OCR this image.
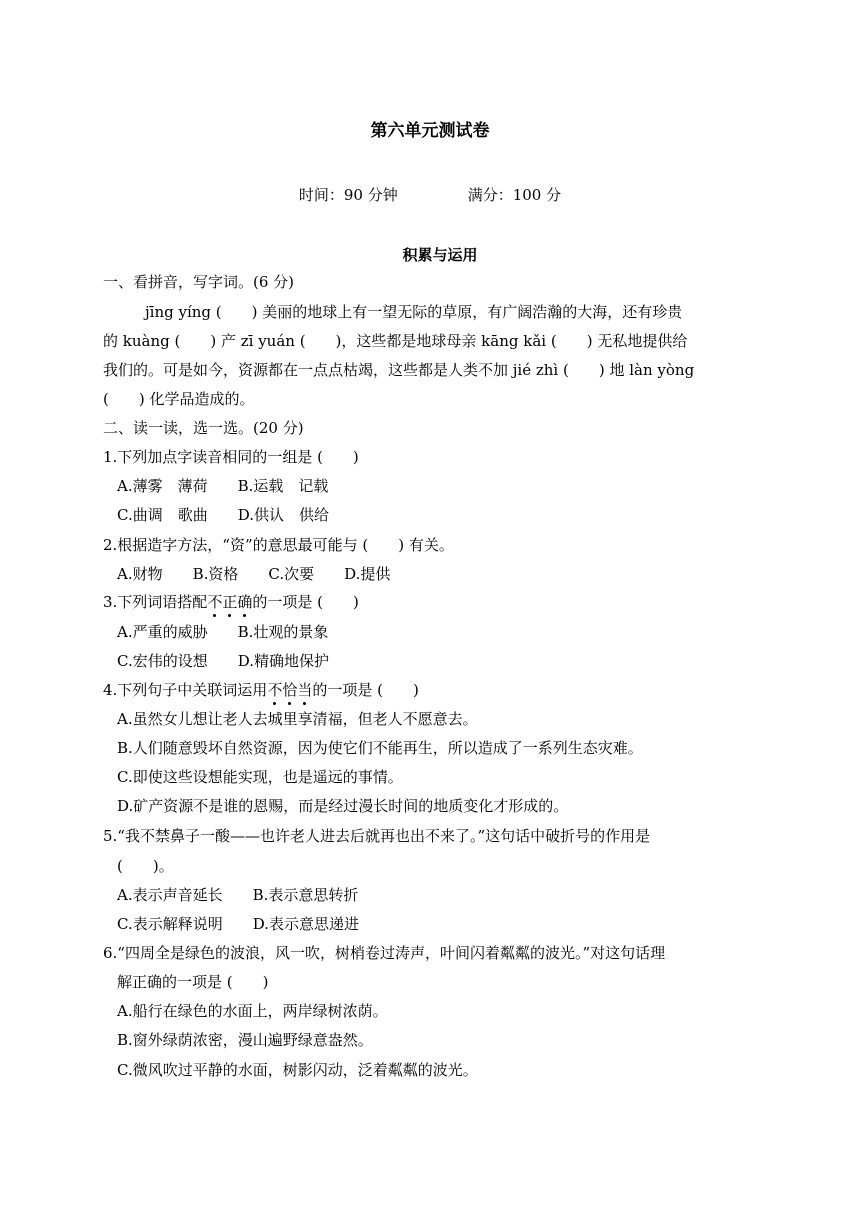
第六单元测试卷
时间：90 分钟	满分：100 分
积累与运用
一、看拼音，写字词。(6 分)
jīng yíng (　　) 美丽的地球上有一望无际的草原，有广阔浩瀚的大海，还有珍贵
的 kuàng (　　) 产 zī yuán (　　)，这些都是地球母亲 kāng kǎi (　　) 无私地提供给
我们的。可是如今，资源都在一点点枯竭，这些都是人类不加 jié zhì (　　) 地 làn yòng
(　　) 化学品造成的。
二、读一读，选一选。(20 分)
1.下列加点字读音相同的一组是 (　　)
A.薄雾　薄荷　　B.运载　记载
C.曲调　歌曲　　D.供认　供给
2.根据造字方法，“资”的意思最可能与 (　　) 有关。
A.财物　　B.资格　　C.次要　　D.提供
3.下列词语搭配不正确的一项是 (　　)
A.严重的威胁　　B.壮观的景象
C.宏伟的设想　　D.精确地保护
4.下列句子中关联词运用不恰当的一项是 (　　)
A.虽然女儿想让老人去城里享清福，但老人不愿意去。
B.人们随意毁坏自然资源，因为使它们不能再生，所以造成了一系列生态灾难。
C.即使这些设想能实现，也是遥远的事情。
D.矿产资源不是谁的恩赐，而是经过漫长时间的地质变化才形成的。
5.“我不禁鼻子一酸——也许老人进去后就再也出不来了。”这句话中破折号的作用是
(　　)。
A.表示声音延长　　B.表示意思转折
C.表示解释说明　　D.表示意思递进
6.“四周全是绿色的波浪，风一吹，树梢卷过涛声，叶间闪着粼粼的波光。”对这句话理
解正确的一项是 (　　)
A.船行在绿色的水面上，两岸绿树浓荫。
B.窗外绿荫浓密，漫山遍野绿意盎然。
C.微风吹过平静的水面，树影闪动，泛着粼粼的波光。
